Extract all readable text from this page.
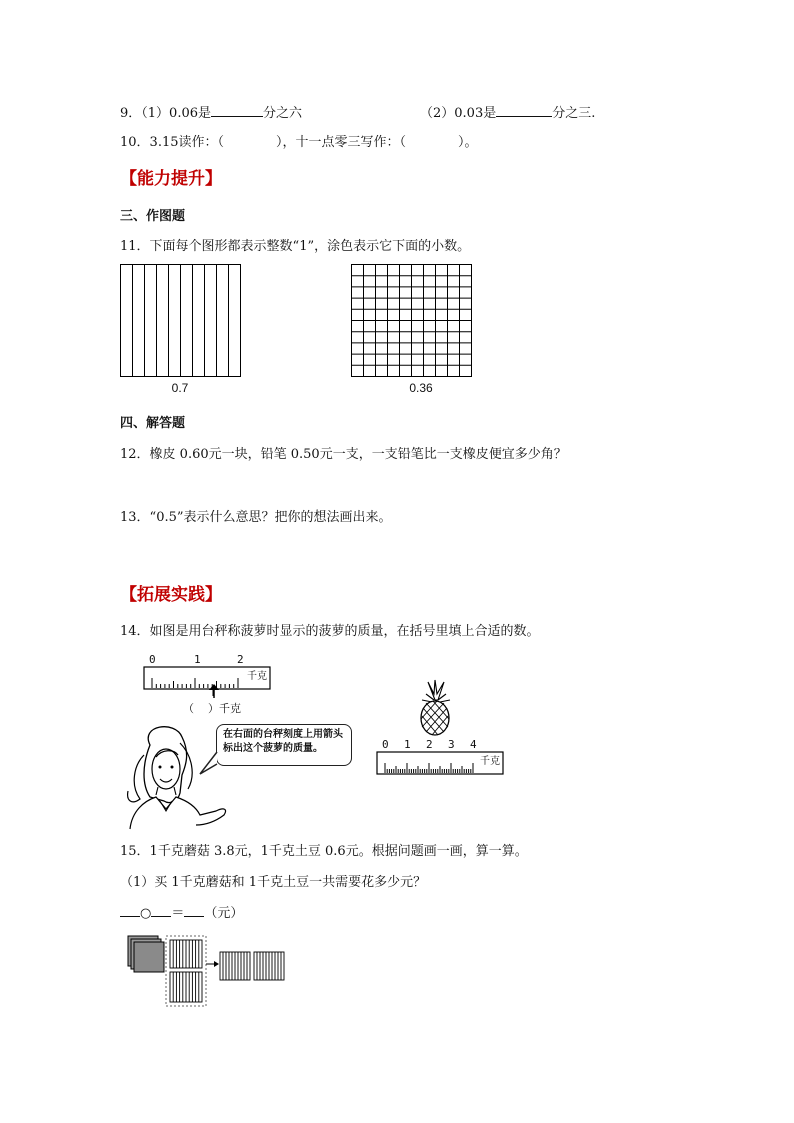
9．（1）0.06是	分之六	（2）0.03是	分之三.
10．3.15读作：（	），十一点零三写作：（	）。
【能力提升】
三、作图题
11．下面每个图形都表示整数“1”，涂色表示它下面的小数。
0.7	0.36
四、解答题
12．橡皮 0.60元一块，铅笔 0.50元一支，一支铅笔比一支橡皮便宜多少角？
13．“0.5”表示什么意思？把你的想法画出来。
【拓展实践】
14．如图是用台秤称菠萝时显示的菠萝的质量，在括号里填上合适的数。
0	1	2
千克
（ ）千克
在右面的台秤刻度上用箭头标出这个菠萝的质量。	0 1 2 3 4
千克
15．1千克蘑菇 3.8元，1千克土豆 0.6元。根据问题画一画，算一算。
（1）买 1千克蘑菇和 1千克土豆一共需要花多少元？
○ ＝ （元）
